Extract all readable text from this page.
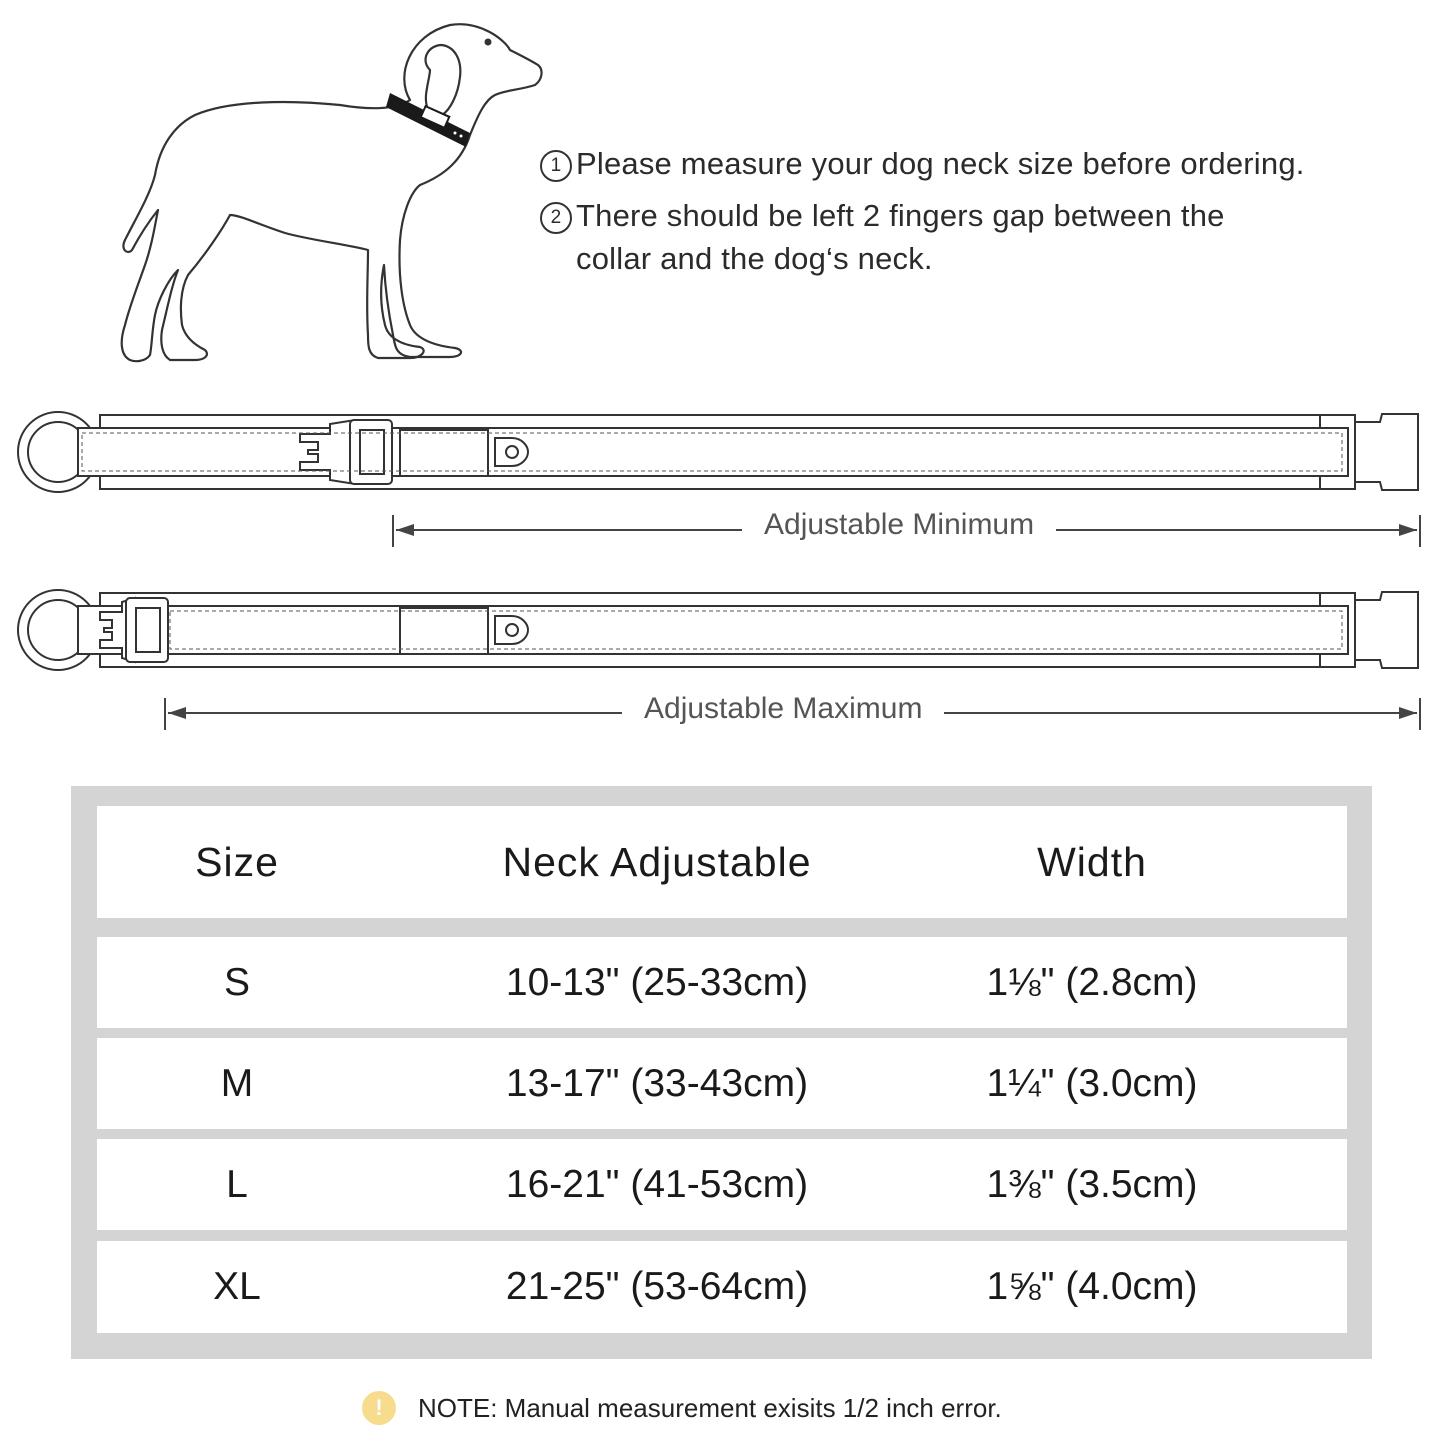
1 Please measure your dog neck size before ordering.
2 There should be left 2 fingers gap between the
collar and the dog‘s neck.
Adjustable Minimum
Adjustable Maximum
Size	Neck Adjustable	Width
S	10-13" (25-33cm)	1⅛" (2.8cm)
M	13-17" (33-43cm)	1¼" (3.0cm)
L	16-21" (41-53cm)	1⅜" (3.5cm)
XL	21-25" (53-64cm)	1⅝" (4.0cm)
!	NOTE: Manual measurement exisits 1/2 inch error.
